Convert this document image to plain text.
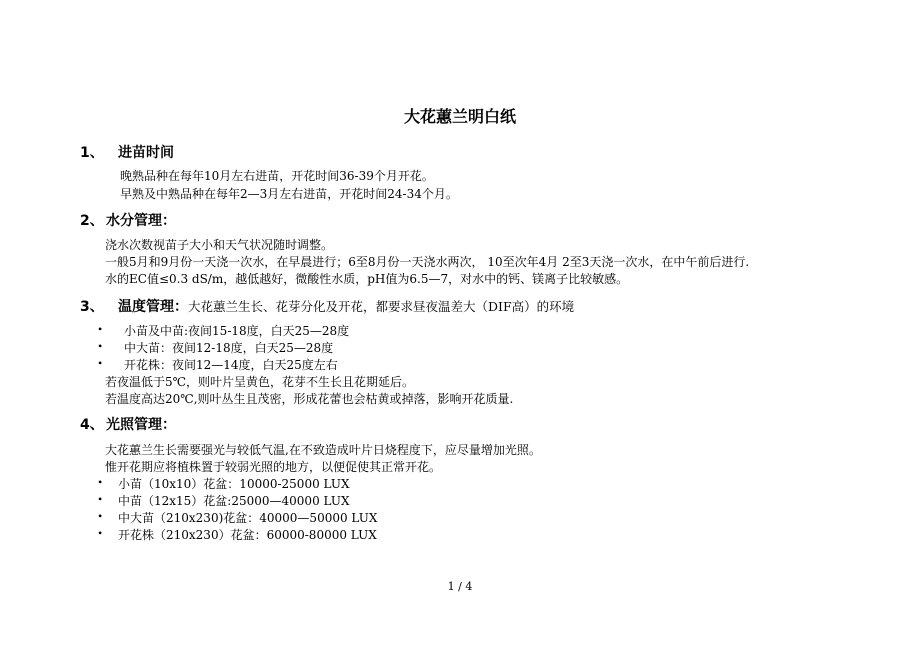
大花蕙兰明白纸
1、 进苗时间
晚熟品种在每年10月左右进苗，开花时间36-39个月开花。
早熟及中熟品种在每年2—3月左右进苗，开花时间24-34个月。
2、 水分管理：
浇水次数视苗子大小和天气状况随时调整。
一般5月和9月份一天浇一次水，在早晨进行；6至8月份一天浇水两次， 10至次年4月 2至3天浇一次水，在中午前后进行.
水的EC值≤0.3 dS/m，越低越好，微酸性水质，pH值为6.5—7，对水中的钙、镁离子比较敏感。
3、 温度管理：大花蕙兰生长、花芽分化及开花，都要求昼夜温差大（DIF高）的环境
• 小苗及中苗:夜间15-18度，白天25—28度
• 中大苗：夜间12-18度，白天25—28度
• 开花株：夜间12—14度，白天25度左右
若夜温低于5℃，则叶片呈黄色，花芽不生长且花期延后。
若温度高达20℃,则叶丛生且茂密，形成花蕾也会枯黄或掉落，影响开花质量.
4、 光照管理：
大花蕙兰生长需要强光与较低气温,在不致造成叶片日烧程度下，应尽量增加光照。
惟开花期应将植株置于较弱光照的地方，以便促使其正常开花。
• 小苗（10x10）花盆：10000-25000 LUX
• 中苗（12x15）花盆:25000—40000 LUX
• 中大苗（210x230)花盆：40000—50000 LUX
• 开花株（210x230）花盆：60000-80000 LUX
1 / 4
